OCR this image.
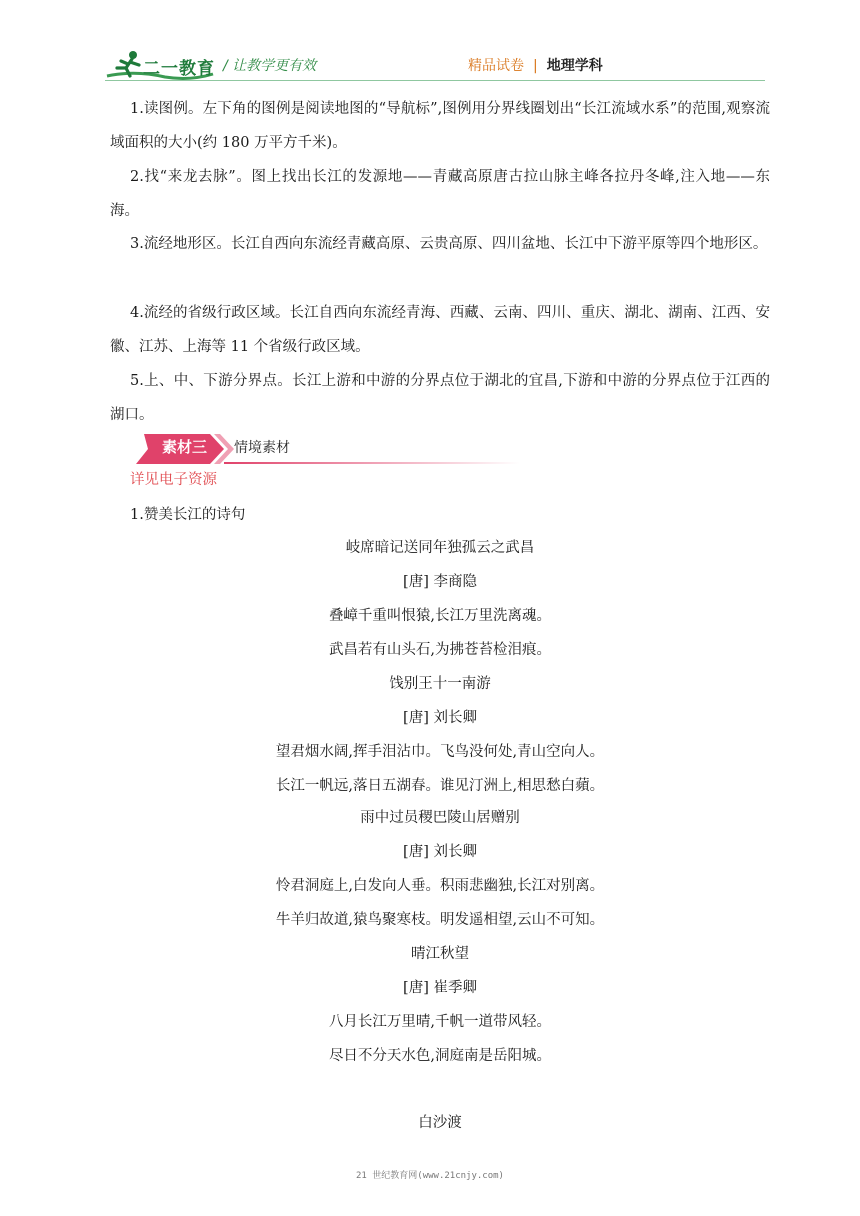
二一教育 / 让教学更有效	精品试卷 | 地理学科

1.读图例。左下角的图例是阅读地图的“导航标”,图例用分界线圈划出“长江流域水系”的范围,观察流域面积的大小(约 180 万平方千米)。

2.找“来龙去脉”。图上找出长江的发源地——青藏高原唐古拉山脉主峰各拉丹冬峰,注入地——东海。

3.流经地形区。长江自西向东流经青藏高原、云贵高原、四川盆地、长江中下游平原等四个地形区。

4.流经的省级行政区域。长江自西向东流经青海、西藏、云南、四川、重庆、湖北、湖南、江西、安徽、江苏、上海等 11 个省级行政区域。

5.上、中、下游分界点。长江上游和中游的分界点位于湖北的宜昌,下游和中游的分界点位于江西的湖口。

素材三 情境素材
详见电子资源
1.赞美长江的诗句
岐席暗记送同年独孤云之武昌
[唐] 李商隐
叠嶂千重叫恨猿,长江万里洗离魂。
武昌若有山头石,为拂苍苔检泪痕。
饯别王十一南游
[唐] 刘长卿
望君烟水阔,挥手泪沾巾。飞鸟没何处,青山空向人。
长江一帆远,落日五湖春。谁见汀洲上,相思愁白蘋。
雨中过员稷巴陵山居赠别
[唐] 刘长卿
怜君洞庭上,白发向人垂。积雨悲幽独,长江对别离。
牛羊归故道,猿鸟聚寒枝。明发遥相望,云山不可知。
晴江秋望
[唐] 崔季卿
八月长江万里晴,千帆一道带风轻。
尽日不分天水色,洞庭南是岳阳城。
白沙渡
21 世纪教育网(www.21cnjy.com)
